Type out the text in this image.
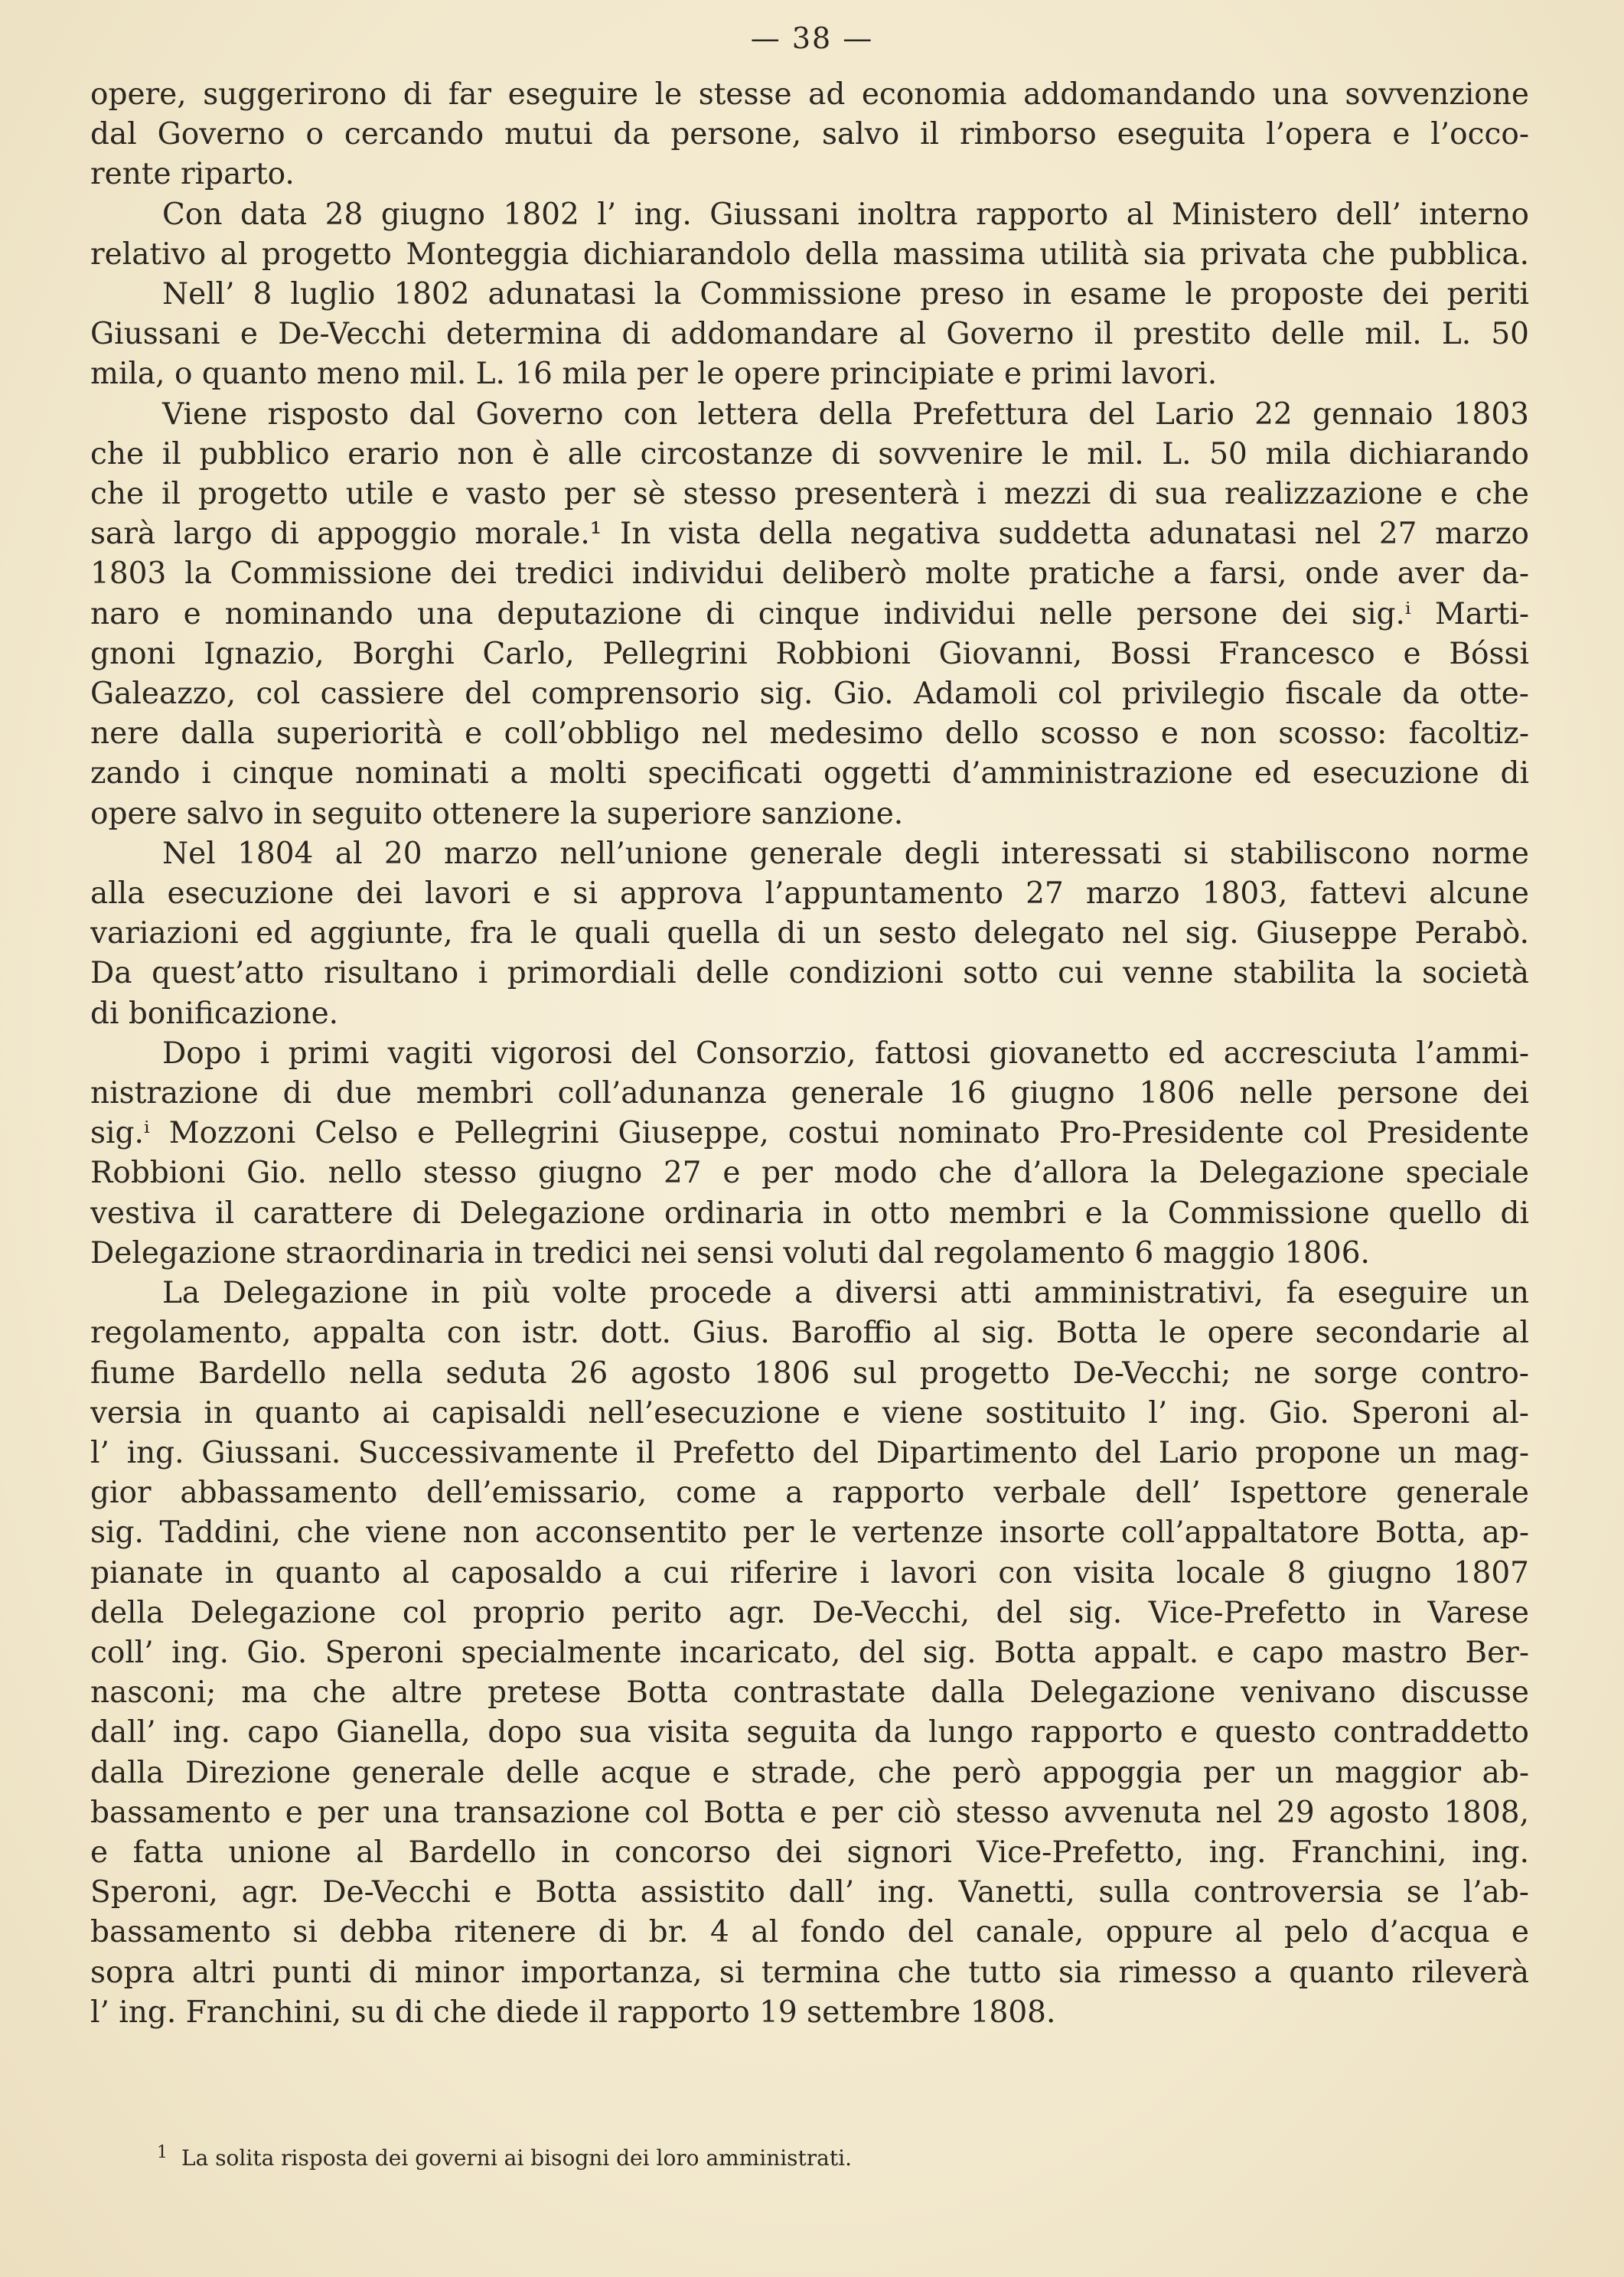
— 38 —
opere, suggerirono di far eseguire le stesse ad economia addomandando una sovvenzione
dal Governo o cercando mutui da persone, salvo il rimborso eseguita l’opera e l’occo-
rente riparto.
Con data 28 giugno 1802 l’ ing. Giussani inoltra rapporto al Ministero dell’ interno
relativo al progetto Monteggia dichiarandolo della massima utilità sia privata che pubblica.
Nell’ 8 luglio 1802 adunatasi la Commissione preso in esame le proposte dei periti
Giussani e De-Vecchi determina di addomandare al Governo il prestito delle mil. L. 50
mila, o quanto meno mil. L. 16 mila per le opere principiate e primi lavori.
Viene risposto dal Governo con lettera della Prefettura del Lario 22 gennaio 1803
che il pubblico erario non è alle circostanze di sovvenire le mil. L. 50 mila dichiarando
che il progetto utile e vasto per sè stesso presenterà i mezzi di sua realizzazione e che
sarà largo di appoggio morale.¹ In vista della negativa suddetta adunatasi nel 27 marzo
1803 la Commissione dei tredici individui deliberò molte pratiche a farsi, onde aver da-
naro e nominando una deputazione di cinque individui nelle persone dei sig.ⁱ Marti-
gnoni Ignazio, Borghi Carlo, Pellegrini Robbioni Giovanni, Bossi Francesco e Bóssi
Galeazzo, col cassiere del comprensorio sig. Gio. Adamoli col privilegio fiscale da otte-
nere dalla superiorità e coll’obbligo nel medesimo dello scosso e non scosso: facoltiz-
zando i cinque nominati a molti specificati oggetti d’amministrazione ed esecuzione di
opere salvo in seguito ottenere la superiore sanzione.
Nel 1804 al 20 marzo nell’unione generale degli interessati si stabiliscono norme
alla esecuzione dei lavori e si approva l’appuntamento 27 marzo 1803, fattevi alcune
variazioni ed aggiunte, fra le quali quella di un sesto delegato nel sig. Giuseppe Perabò.
Da quest’atto risultano i primordiali delle condizioni sotto cui venne stabilita la società
di bonificazione.
Dopo i primi vagiti vigorosi del Consorzio, fattosi giovanetto ed accresciuta l’ammi-
nistrazione di due membri coll’adunanza generale 16 giugno 1806 nelle persone dei
sig.ⁱ Mozzoni Celso e Pellegrini Giuseppe, costui nominato Pro-Presidente col Presidente
Robbioni Gio. nello stesso giugno 27 e per modo che d’allora la Delegazione speciale
vestiva il carattere di Delegazione ordinaria in otto membri e la Commissione quello di
Delegazione straordinaria in tredici nei sensi voluti dal regolamento 6 maggio 1806.
La Delegazione in più volte procede a diversi atti amministrativi, fa eseguire un
regolamento, appalta con istr. dott. Gius. Baroffio al sig. Botta le opere secondarie al
fiume Bardello nella seduta 26 agosto 1806 sul progetto De-Vecchi; ne sorge contro-
versia in quanto ai capisaldi nell’esecuzione e viene sostituito l’ ing. Gio. Speroni al-
l’ ing. Giussani. Successivamente il Prefetto del Dipartimento del Lario propone un mag-
gior abbassamento dell’emissario, come a rapporto verbale dell’ Ispettore generale
sig. Taddini, che viene non acconsentito per le vertenze insorte coll’appaltatore Botta, ap-
pianate in quanto al caposaldo a cui riferire i lavori con visita locale 8 giugno 1807
della Delegazione col proprio perito agr. De-Vecchi, del sig. Vice-Prefetto in Varese
coll’ ing. Gio. Speroni specialmente incaricato, del sig. Botta appalt. e capo mastro Ber-
nasconi; ma che altre pretese Botta contrastate dalla Delegazione venivano discusse
dall’ ing. capo Gianella, dopo sua visita seguita da lungo rapporto e questo contraddetto
dalla Direzione generale delle acque e strade, che però appoggia per un maggior ab-
bassamento e per una transazione col Botta e per ciò stesso avvenuta nel 29 agosto 1808,
e fatta unione al Bardello in concorso dei signori Vice-Prefetto, ing. Franchini, ing.
Speroni, agr. De-Vecchi e Botta assistito dall’ ing. Vanetti, sulla controversia se l’ab-
bassamento si debba ritenere di br. 4 al fondo del canale, oppure al pelo d’acqua e
sopra altri punti di minor importanza, si termina che tutto sia rimesso a quanto rileverà
l’ ing. Franchini, su di che diede il rapporto 19 settembre 1808.
$^1$ La solita risposta dei governi ai bisogni dei loro amministrati.
